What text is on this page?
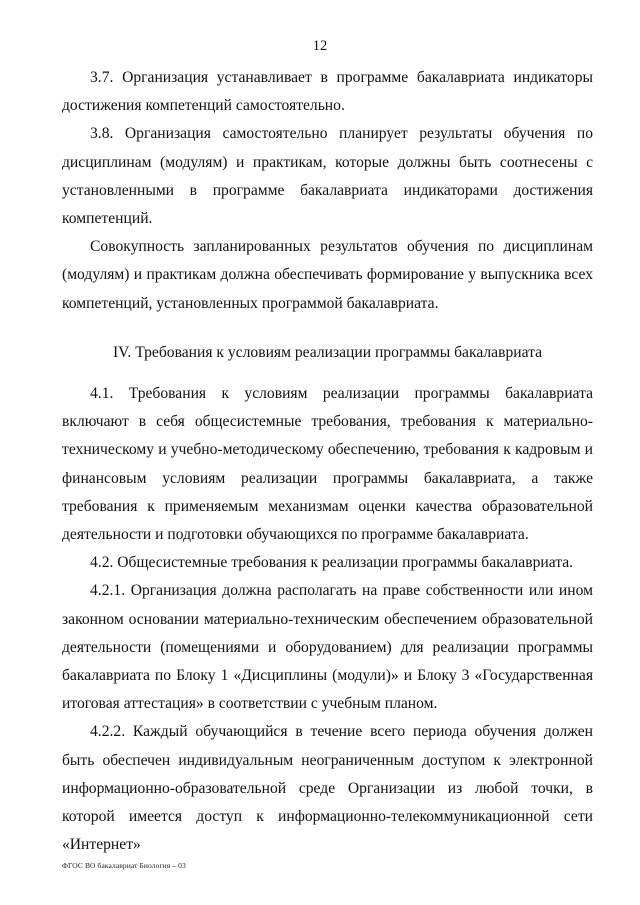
12

3.7. Организация устанавливает в программе бакалавриата индикаторы достижения компетенций самостоятельно.

3.8. Организация самостоятельно планирует результаты обучения по дисциплинам (модулям) и практикам, которые должны быть соотнесены с установленными в программе бакалавриата индикаторами достижения компетенций.

Совокупность запланированных результатов обучения по дисциплинам (модулям) и практикам должна обеспечивать формирование у выпускника всех компетенций, установленных программой бакалавриата.

IV. Требования к условиям реализации программы бакалавриата

4.1. Требования к условиям реализации программы бакалавриата включают в себя общесистемные требования, требования к материально-техническому и учебно-методическому обеспечению, требования к кадровым и финансовым условиям реализации программы бакалавриата, а также требования к применяемым механизмам оценки качества образовательной деятельности и подготовки обучающихся по программе бакалавриата.

4.2. Общесистемные требования к реализации программы бакалавриата.

4.2.1. Организация должна располагать на праве собственности или ином законном основании материально-техническим обеспечением образовательной деятельности (помещениями и оборудованием) для реализации программы бакалавриата по Блоку 1 «Дисциплины (модули)» и Блоку 3 «Государственная итоговая аттестация» в соответствии с учебным планом.

4.2.2. Каждый обучающийся в течение всего периода обучения должен быть обеспечен индивидуальным неограниченным доступом к электронной информационно-образовательной среде Организации из любой точки, в которой имеется доступ к информационно-телекоммуникационной сети «Интернет»

ФГОС ВО бакалавриат Биология – 03
